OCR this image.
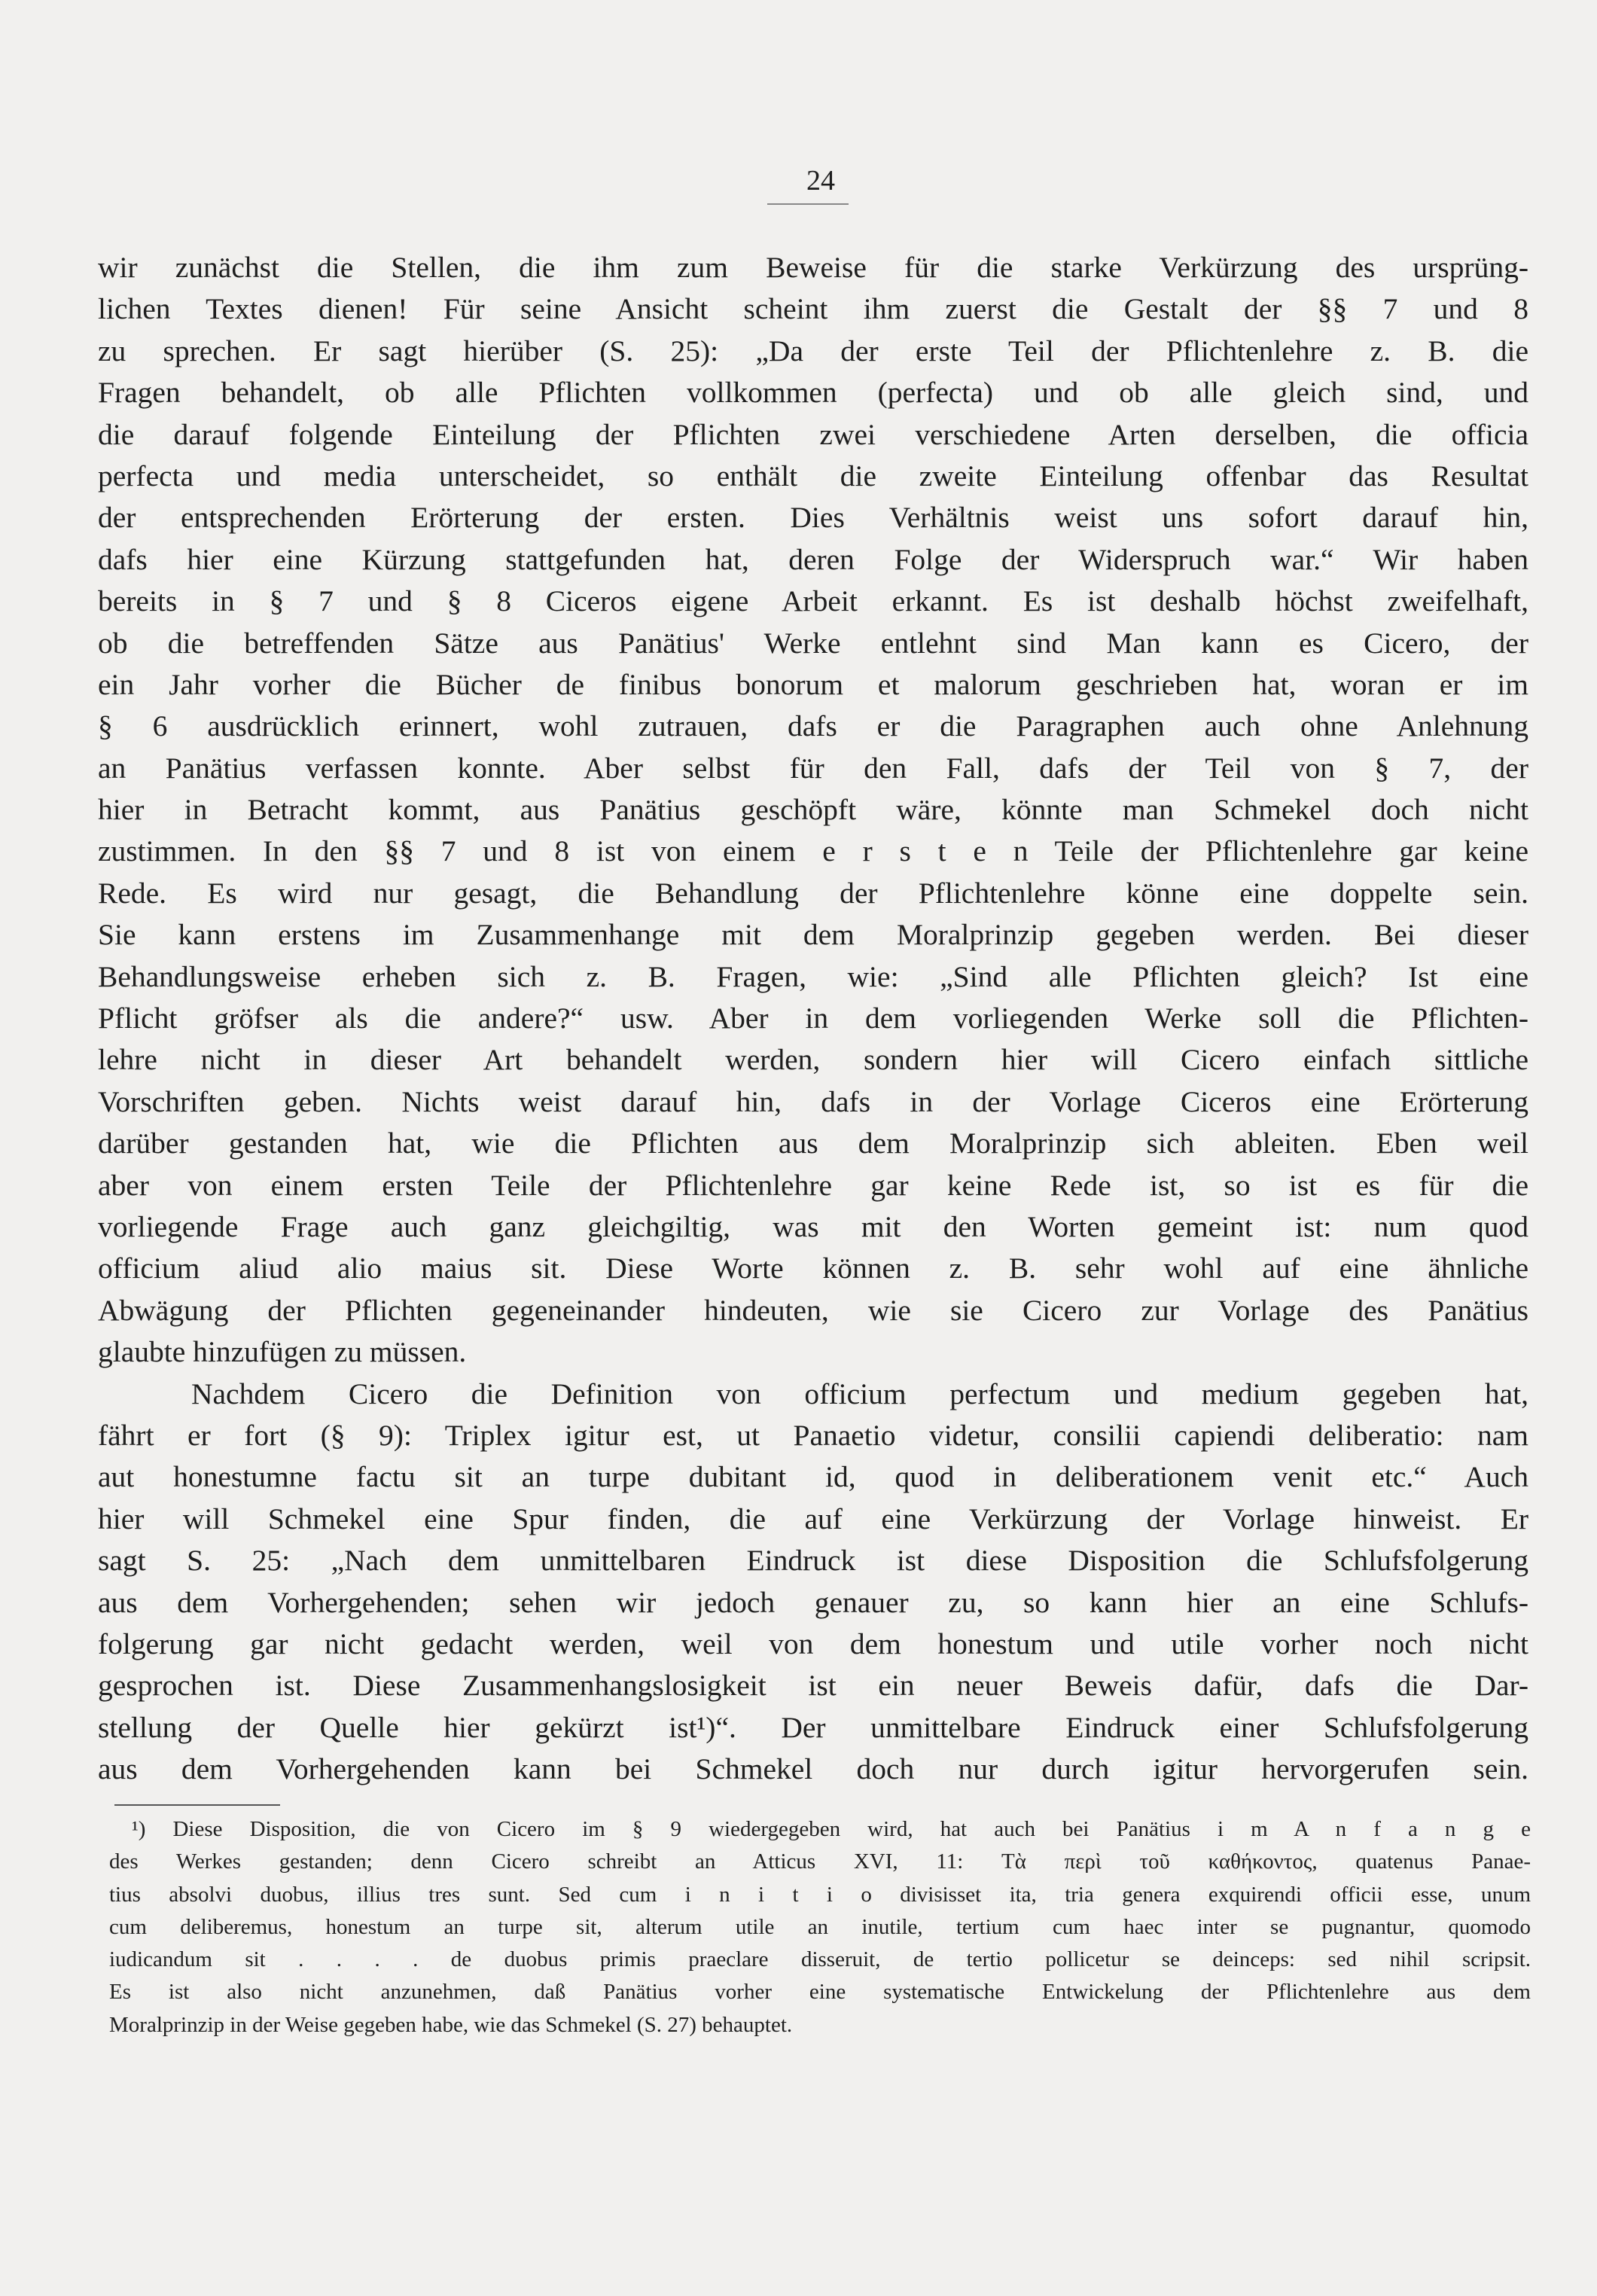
24
wir zunächst die Stellen, die ihm zum Beweise für die starke Verkürzung des ursprüng-
lichen Textes dienen! Für seine Ansicht scheint ihm zuerst die Gestalt der §§ 7 und 8
zu sprechen. Er sagt hierüber (S. 25): „Da der erste Teil der Pflichtenlehre z. B. die
Fragen behandelt, ob alle Pflichten vollkommen (perfecta) und ob alle gleich sind, und
die darauf folgende Einteilung der Pflichten zwei verschiedene Arten derselben, die officia
perfecta und media unterscheidet, so enthält die zweite Einteilung offenbar das Resultat
der entsprechenden Erörterung der ersten. Dies Verhältnis weist uns sofort darauf hin,
dafs hier eine Kürzung stattgefunden hat, deren Folge der Widerspruch war.“ Wir haben
bereits in § 7 und § 8 Ciceros eigene Arbeit erkannt. Es ist deshalb höchst zweifelhaft,
ob die betreffenden Sätze aus Panätius' Werke entlehnt sind Man kann es Cicero, der
ein Jahr vorher die Bücher de finibus bonorum et malorum geschrieben hat, woran er im
§ 6 ausdrücklich erinnert, wohl zutrauen, dafs er die Paragraphen auch ohne Anlehnung
an Panätius verfassen konnte. Aber selbst für den Fall, dafs der Teil von § 7, der
hier in Betracht kommt, aus Panätius geschöpft wäre, könnte man Schmekel doch nicht
zustimmen. In den §§ 7 und 8 ist von einem e r s t e n Teile der Pflichtenlehre gar keine
Rede. Es wird nur gesagt, die Behandlung der Pflichtenlehre könne eine doppelte sein.
Sie kann erstens im Zusammenhange mit dem Moralprinzip gegeben werden. Bei dieser
Behandlungsweise erheben sich z. B. Fragen, wie: „Sind alle Pflichten gleich? Ist eine
Pflicht gröfser als die andere?“ usw. Aber in dem vorliegenden Werke soll die Pflichten-
lehre nicht in dieser Art behandelt werden, sondern hier will Cicero einfach sittliche
Vorschriften geben. Nichts weist darauf hin, dafs in der Vorlage Ciceros eine Erörterung
darüber gestanden hat, wie die Pflichten aus dem Moralprinzip sich ableiten. Eben weil
aber von einem ersten Teile der Pflichtenlehre gar keine Rede ist, so ist es für die
vorliegende Frage auch ganz gleichgiltig, was mit den Worten gemeint ist: num quod
officium aliud alio maius sit. Diese Worte können z. B. sehr wohl auf eine ähnliche
Abwägung der Pflichten gegeneinander hindeuten, wie sie Cicero zur Vorlage des Panätius
glaubte hinzufügen zu müssen.
Nachdem Cicero die Definition von officium perfectum und medium gegeben hat,
fährt er fort (§ 9): Triplex igitur est, ut Panaetio videtur, consilii capiendi deliberatio: nam
aut honestumne factu sit an turpe dubitant id, quod in deliberationem venit etc.“ Auch
hier will Schmekel eine Spur finden, die auf eine Verkürzung der Vorlage hinweist. Er
sagt S. 25: „Nach dem unmittelbaren Eindruck ist diese Disposition die Schlufsfolgerung
aus dem Vorhergehenden; sehen wir jedoch genauer zu, so kann hier an eine Schlufs-
folgerung gar nicht gedacht werden, weil von dem honestum und utile vorher noch nicht
gesprochen ist. Diese Zusammenhangslosigkeit ist ein neuer Beweis dafür, dafs die Dar-
stellung der Quelle hier gekürzt ist¹)“. Der unmittelbare Eindruck einer Schlufsfolgerung
aus dem Vorhergehenden kann bei Schmekel doch nur durch igitur hervorgerufen sein.
¹) Diese Disposition, die von Cicero im § 9 wiedergegeben wird, hat auch bei Panätius i m A n f a n g e
des Werkes gestanden; denn Cicero schreibt an Atticus XVI, 11: Τὰ περὶ τοῦ καθήκοντος, quatenus Panae-
tius absolvi duobus, illius tres sunt. Sed cum i n i t i o divisisset ita, tria genera exquirendi officii esse, unum
cum deliberemus, honestum an turpe sit, alterum utile an inutile, tertium cum haec inter se pugnantur, quomodo
iudicandum sit . . . . de duobus primis praeclare disseruit, de tertio pollicetur se deinceps: sed nihil scripsit.
Es ist also nicht anzunehmen, daß Panätius vorher eine systematische Entwickelung der Pflichtenlehre aus dem
Moralprinzip in der Weise gegeben habe, wie das Schmekel (S. 27) behauptet.
